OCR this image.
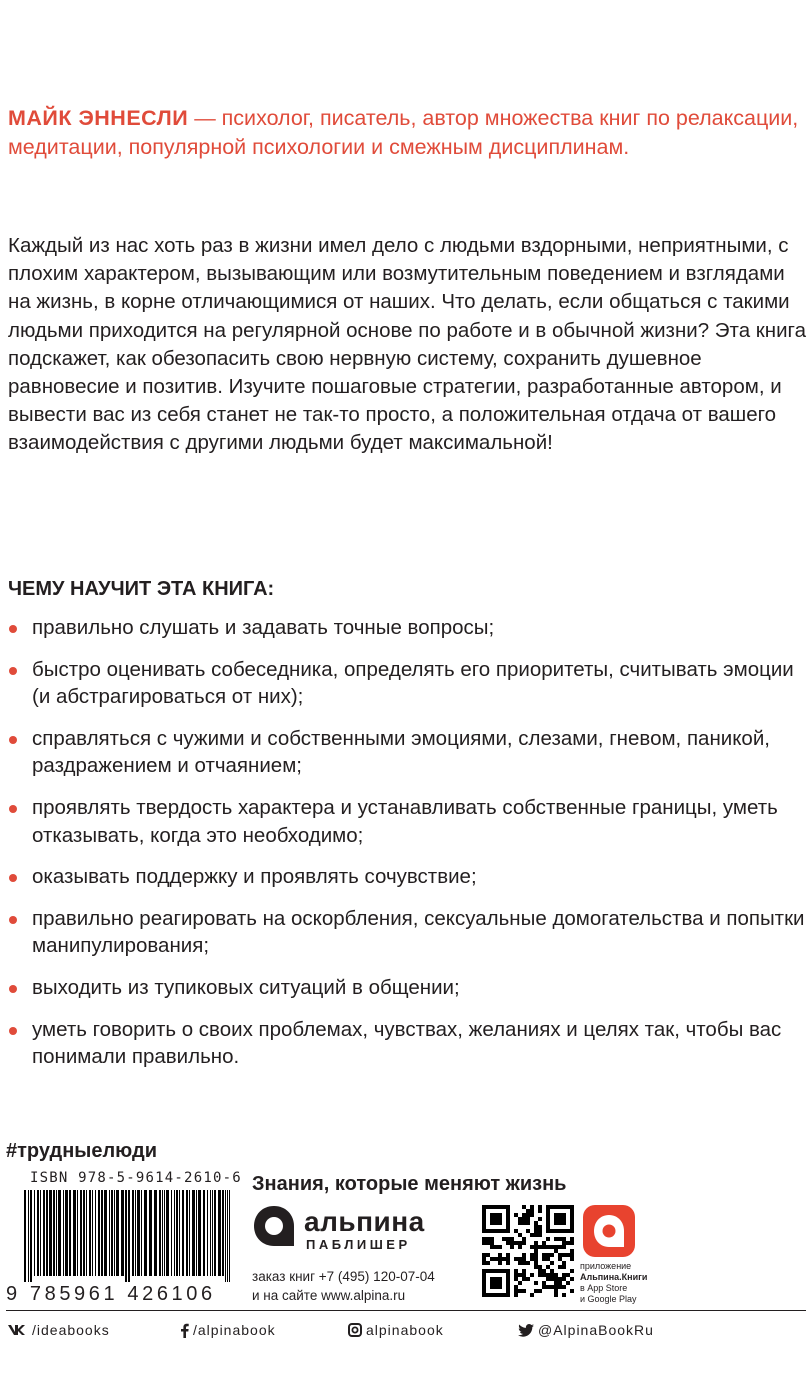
МАЙК ЭННЕСЛИ — психолог, писатель, автор множества книг по релаксации, медитации, популярной психологии и смежным дисциплинам.
Каждый из нас хоть раз в жизни имел дело с людьми вздорными, неприятными, с плохим характером, вызывающим или возмутительным поведением и взглядами на жизнь, в корне отличающимися от наших. Что делать, если общаться с такими людьми приходится на регулярной основе по работе и в обычной жизни? Эта книга подскажет, как обезопасить свою нервную систему, сохранить душевное равновесие и позитив. Изучите пошаговые стратегии, разработанные автором, и вывести вас из себя станет не так-то просто, а положительная отдача от вашего взаимодействия с другими людьми будет максимальной!
ЧЕМУ НАУЧИТ ЭТА КНИГА:
правильно слушать и задавать точные вопросы;
быстро оценивать собеседника, определять его приоритеты, считывать эмоции (и абстрагироваться от них);
справляться с чужими и собственными эмоциями, слезами, гневом, паникой, раздражением и отчаянием;
проявлять твердость характера и устанавливать собственные границы, уметь отказывать, когда это необходимо;
оказывать поддержку и проявлять сочувствие;
правильно реагировать на оскорбления, сексуальные домогательства и попытки манипулирования;
выходить из тупиковых ситуаций в общении;
уметь говорить о своих проблемах, чувствах, желаниях и целях так, чтобы вас понимали правильно.
#трудныелюди
ISBN 978-5-9614-2610-6
9 785961 426106
Знания, которые меняют жизнь
альпина
ПАБЛИШЕР
заказ книг +7 (495) 120-07-04
и на сайте www.alpina.ru
приложение
Альпина.Книги
в App Store
и Google Play
/ideabooks	/alpinabook	alpinabook	@AlpinaBookRu
